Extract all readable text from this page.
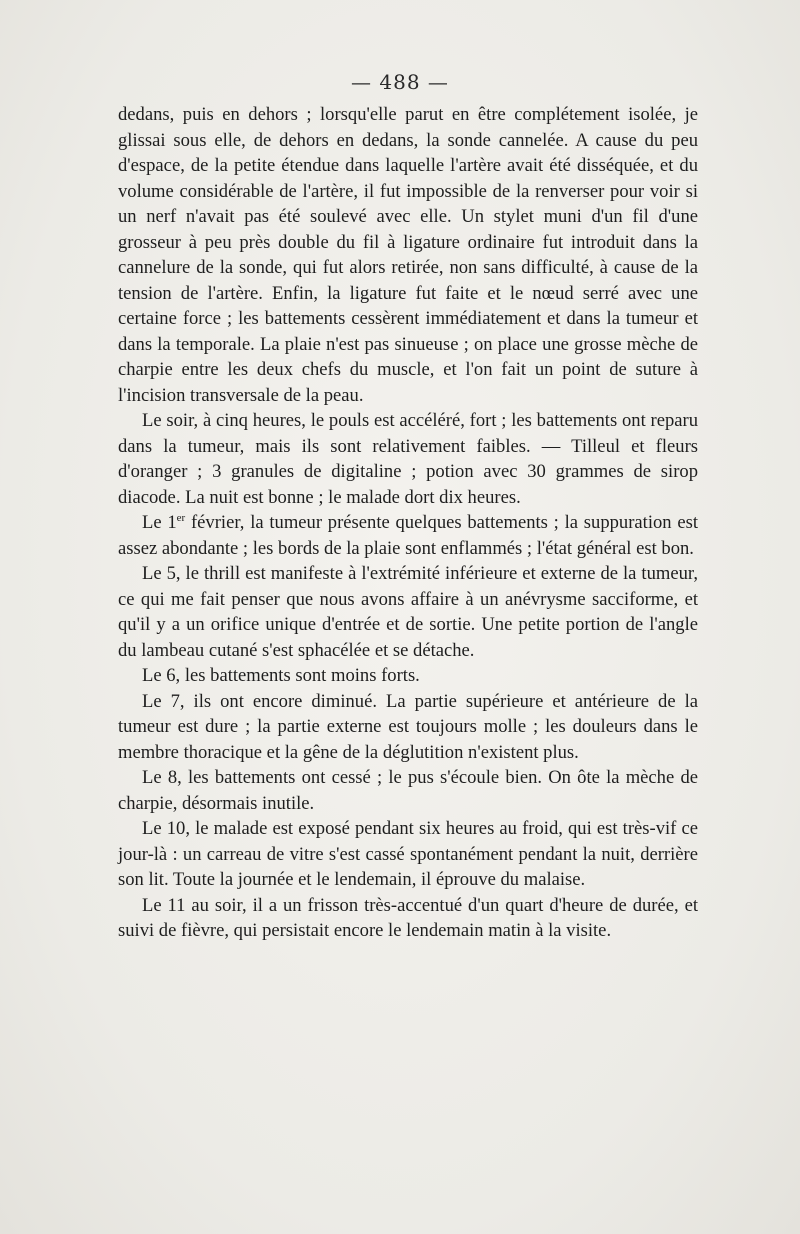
— 488 —

dedans, puis en dehors ; lorsqu'elle parut en être complétement isolée, je glissai sous elle, de dehors en dedans, la sonde cannelée. A cause du peu d'espace, de la petite étendue dans laquelle l'artère avait été disséquée, et du volume considérable de l'artère, il fut impossible de la renverser pour voir si un nerf n'avait pas été soulevé avec elle. Un stylet muni d'un fil d'une grosseur à peu près double du fil à ligature ordinaire fut introduit dans la cannelure de la sonde, qui fut alors retirée, non sans difficulté, à cause de la tension de l'artère. Enfin, la ligature fut faite et le nœud serré avec une certaine force ; les battements cessèrent immédiatement et dans la tumeur et dans la temporale. La plaie n'est pas sinueuse ; on place une grosse mèche de charpie entre les deux chefs du muscle, et l'on fait un point de suture à l'incision transversale de la peau.

Le soir, à cinq heures, le pouls est accéléré, fort ; les battements ont reparu dans la tumeur, mais ils sont relativement faibles. — Tilleul et fleurs d'oranger ; 3 granules de digitaline ; potion avec 30 grammes de sirop diacode. La nuit est bonne ; le malade dort dix heures.

Le 1er février, la tumeur présente quelques battements ; la suppuration est assez abondante ; les bords de la plaie sont enflammés ; l'état général est bon.

Le 5, le thrill est manifeste à l'extrémité inférieure et externe de la tumeur, ce qui me fait penser que nous avons affaire à un anévrysme sacciforme, et qu'il y a un orifice unique d'entrée et de sortie. Une petite portion de l'angle du lambeau cutané s'est sphacélée et se détache.

Le 6, les battements sont moins forts.

Le 7, ils ont encore diminué. La partie supérieure et antérieure de la tumeur est dure ; la partie externe est toujours molle ; les douleurs dans le membre thoracique et la gêne de la déglutition n'existent plus.

Le 8, les battements ont cessé ; le pus s'écoule bien. On ôte la mèche de charpie, désormais inutile.

Le 10, le malade est exposé pendant six heures au froid, qui est très-vif ce jour-là : un carreau de vitre s'est cassé spontanément pendant la nuit, derrière son lit. Toute la journée et le lendemain, il éprouve du malaise.

Le 11 au soir, il a un frisson très-accentué d'un quart d'heure de durée, et suivi de fièvre, qui persistait encore le lendemain matin à la visite.
